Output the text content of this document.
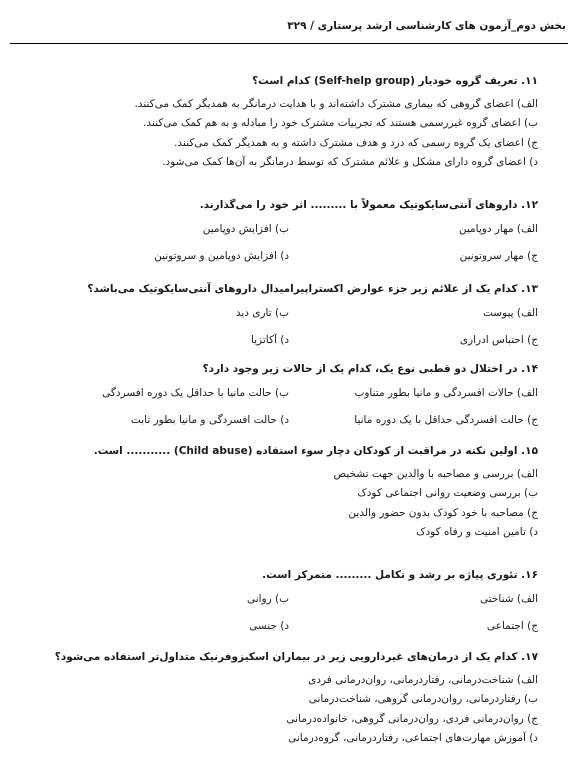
بخش دوم_آزمون های کارشناسی ارشد پرستاری / ۳۲۹
۱۱. تعریف گروه خودیار (Self-help group) کدام است؟
الف) اعضای گروهی که بیماری مشترک داشته‌اند و با هدایت درمانگر به همدیگر کمک می‌کنند.
ب) اعضای گروه غیررسمی هستند که تجربیات مشترک خود را مبادله و به هم کمک می‌کنند.
ج) اعضای یک گروه رسمی که درد و هدف مشترک داشته و به همدیگر کمک می‌کنند.
د) اعضای گروه دارای مشکل و علائم مشترک که توسط درمانگر به آن‌ها کمک می‌شود.
۱۲. داروهای آنتی‌سایکوتیک معمولاً با ......... اثر خود را می‌گذارند.
الف) مهار دوپامین
ب) افزایش دوپامین
ج) مهار سروتونین
د) افزایش دوپامین و سروتونین
۱۳. کدام یک از علائم زیر جزء عوارض اکستراپیرامیدال داروهای آنتی‌سایکوتیک می‌باشد؟
الف) پیوست
ب) تاری دید
ج) احتباس ادراری
د) آکاتزیا
۱۴. در اختلال دو قطبی نوع یک، کدام یک از حالات زیر وجود دارد؟
الف) حالات افسردگی و مانیا بطور متناوب
ب) حالت مانیا با حداقل یک دوره افسردگی
ج) حالت افسردگی حداقل با یک دوره مانیا
د) حالت افسردگی و مانیا بطور ثابت
۱۵. اولین نکته در مراقبت از کودکان دچار سوء استفاده (Child abuse) ........... است.
الف) بررسی و مصاحبه با والدین جهت تشخیص
ب) بررسی وضعیت روانی اجتماعی کودک
ج) مصاحبه با خود کودک بدون حضور والدین
د) تامین امنیت و رفاه کودک
۱۶. تئوری پیاژه بر رشد و تکامل ......... متمرکز است.
الف) شناختی
ب) روانی
ج) اجتماعی
د) جنسی
۱۷. کدام یک از درمان‌های غیردارویی زیر در بیماران اسکیزوفرنیک متداول‌تر استفاده می‌شود؟
الف) شناخت‌درمانی، رفتاردرمانی، روان‌درمانی فردی
ب) رفتاردرمانی، روان‌درمانی گروهی، شناخت‌درمانی
ج) روان‌درمانی فردی، روان‌درمانی گروهی، خانواده‌درمانی
د) آموزش مهارت‌های اجتماعی، رفتاردرمانی، گروه‌درمانی
